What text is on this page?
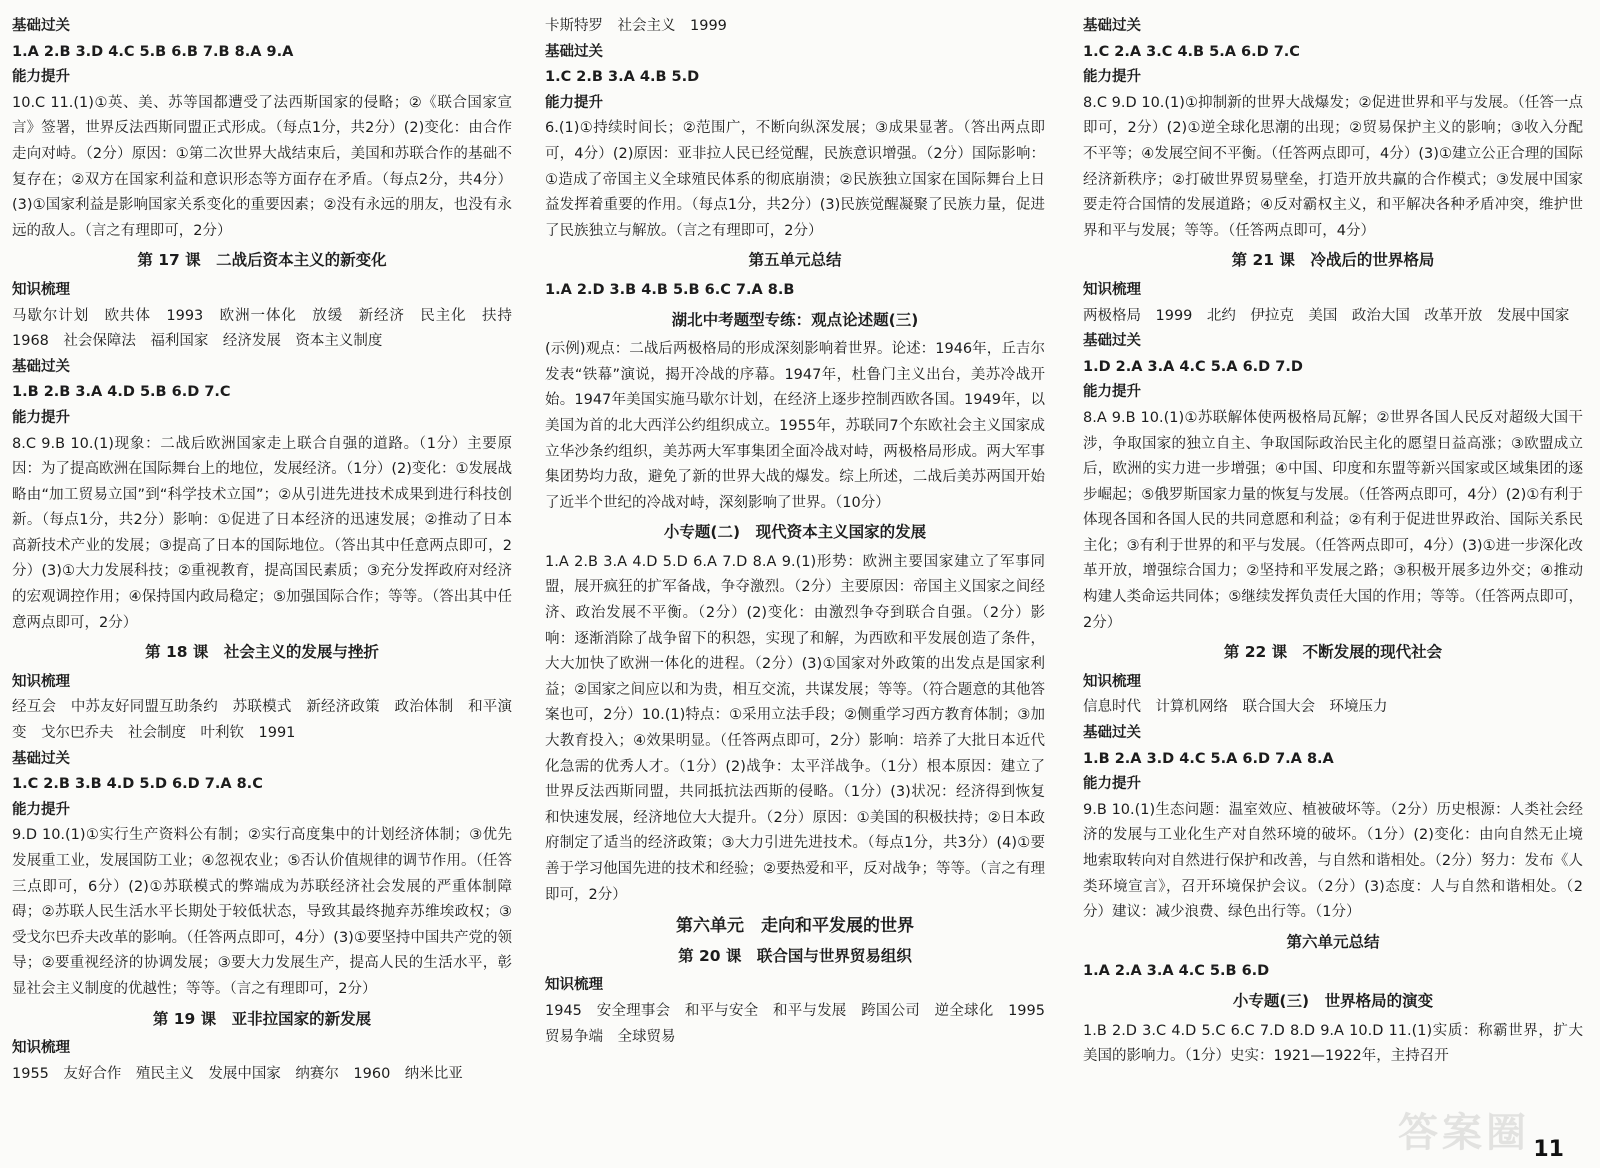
基础过关
1.A 2.B 3.D 4.C 5.B 6.B 7.B 8.A 9.A
能力提升
10.C 11.(1)①英、美、苏等国都遭受了法西斯国家的侵略；②《联合国家宣言》签署，世界反法西斯同盟正式形成。（每点1分，共2分）(2)变化：由合作走向对峙。（2分）原因：①第二次世界大战结束后，美国和苏联合作的基础不复存在；②双方在国家利益和意识形态等方面存在矛盾。（每点2分，共4分）(3)①国家利益是影响国家关系变化的重要因素；②没有永远的朋友，也没有永远的敌人。（言之有理即可，2分）
第 17 课　二战后资本主义的新变化
知识梳理
马歇尔计划　欧共体　1993　欧洲一体化　放缓　新经济　民主化　扶持　1968　社会保障法　福利国家　经济发展　资本主义制度
基础过关
1.B 2.B 3.A 4.D 5.B 6.D 7.C
能力提升
8.C 9.B 10.(1)现象：二战后欧洲国家走上联合自强的道路。（1分）主要原因：为了提高欧洲在国际舞台上的地位，发展经济。（1分）(2)变化：①发展战略由“加工贸易立国”到“科学技术立国”；②从引进先进技术成果到进行科技创新。（每点1分，共2分）影响：①促进了日本经济的迅速发展；②推动了日本高新技术产业的发展；③提高了日本的国际地位。（答出其中任意两点即可，2分）(3)①大力发展科技；②重视教育，提高国民素质；③充分发挥政府对经济的宏观调控作用；④保持国内政局稳定；⑤加强国际合作；等等。（答出其中任意两点即可，2分）
第 18 课　社会主义的发展与挫折
知识梳理
经互会　中苏友好同盟互助条约　苏联模式　新经济政策　政治体制　和平演变　戈尔巴乔夫　社会制度　叶利钦　1991
基础过关
1.C 2.B 3.B 4.D 5.D 6.D 7.A 8.C
能力提升
9.D 10.(1)①实行生产资料公有制；②实行高度集中的计划经济体制；③优先发展重工业，发展国防工业；④忽视农业；⑤否认价值规律的调节作用。（任答三点即可，6分）(2)①苏联模式的弊端成为苏联经济社会发展的严重体制障碍；②苏联人民生活水平长期处于较低状态，导致其最终抛弃苏维埃政权；③受戈尔巴乔夫改革的影响。（任答两点即可，4分）(3)①要坚持中国共产党的领导；②要重视经济的协调发展；③要大力发展生产，提高人民的生活水平，彰显社会主义制度的优越性；等等。（言之有理即可，2分）
第 19 课　亚非拉国家的新发展
知识梳理
1955　友好合作　殖民主义　发展中国家　纳赛尔　1960　纳米比亚
卡斯特罗　社会主义　1999
基础过关
1.C 2.B 3.A 4.B 5.D
能力提升
6.(1)①持续时间长；②范围广，不断向纵深发展；③成果显著。（答出两点即可，4分）(2)原因：亚非拉人民已经觉醒，民族意识增强。（2分）国际影响：①造成了帝国主义全球殖民体系的彻底崩溃；②民族独立国家在国际舞台上日益发挥着重要的作用。（每点1分，共2分）(3)民族觉醒凝聚了民族力量，促进了民族独立与解放。（言之有理即可，2分）
第五单元总结
1.A 2.D 3.B 4.B 5.B 6.C 7.A 8.B
湖北中考题型专练：观点论述题(三)
(示例)观点：二战后两极格局的形成深刻影响着世界。论述：1946年，丘吉尔发表“铁幕”演说，揭开冷战的序幕。1947年，杜鲁门主义出台，美苏冷战开始。1947年美国实施马歇尔计划，在经济上逐步控制西欧各国。1949年，以美国为首的北大西洋公约组织成立。1955年，苏联同7个东欧社会主义国家成立华沙条约组织，美苏两大军事集团全面冷战对峙，两极格局形成。两大军事集团势均力敌，避免了新的世界大战的爆发。综上所述，二战后美苏两国开始了近半个世纪的冷战对峙，深刻影响了世界。（10分）
小专题(二)　现代资本主义国家的发展
1.A 2.B 3.A 4.D 5.D 6.A 7.D 8.A 9.(1)形势：欧洲主要国家建立了军事同盟，展开疯狂的扩军备战，争夺激烈。（2分）主要原因：帝国主义国家之间经济、政治发展不平衡。（2分）(2)变化：由激烈争夺到联合自强。（2分）影响：逐渐消除了战争留下的积怨，实现了和解，为西欧和平发展创造了条件，大大加快了欧洲一体化的进程。（2分）(3)①国家对外政策的出发点是国家利益；②国家之间应以和为贵，相互交流，共谋发展；等等。（符合题意的其他答案也可，2分）10.(1)特点：①采用立法手段；②侧重学习西方教育体制；③加大教育投入；④效果明显。（任答两点即可，2分）影响：培养了大批日本近代化急需的优秀人才。（1分）(2)战争：太平洋战争。（1分）根本原因：建立了世界反法西斯同盟，共同抵抗法西斯的侵略。（1分）(3)状况：经济得到恢复和快速发展，经济地位大大提升。（2分）原因：①美国的积极扶持；②日本政府制定了适当的经济政策；③大力引进先进技术。（每点1分，共3分）(4)①要善于学习他国先进的技术和经验；②要热爱和平，反对战争；等等。（言之有理即可，2分）
第六单元　走向和平发展的世界
第 20 课　联合国与世界贸易组织
知识梳理
1945　安全理事会　和平与安全　和平与发展　跨国公司　逆全球化　1995　贸易争端　全球贸易
基础过关
1.C 2.A 3.C 4.B 5.A 6.D 7.C
能力提升
8.C 9.D 10.(1)①抑制新的世界大战爆发；②促进世界和平与发展。（任答一点即可，2分）(2)①逆全球化思潮的出现；②贸易保护主义的影响；③收入分配不平等；④发展空间不平衡。（任答两点即可，4分）(3)①建立公正合理的国际经济新秩序；②打破世界贸易壁垒，打造开放共赢的合作模式；③发展中国家要走符合国情的发展道路；④反对霸权主义，和平解决各种矛盾冲突，维护世界和平与发展；等等。（任答两点即可，4分）
第 21 课　冷战后的世界格局
知识梳理
两极格局　1999　北约　伊拉克　美国　政治大国　改革开放　发展中国家
基础过关
1.D 2.A 3.A 4.C 5.A 6.D 7.D
能力提升
8.A 9.B 10.(1)①苏联解体使两极格局瓦解；②世界各国人民反对超级大国干涉，争取国家的独立自主、争取国际政治民主化的愿望日益高涨；③欧盟成立后，欧洲的实力进一步增强；④中国、印度和东盟等新兴国家或区域集团的逐步崛起；⑤俄罗斯国家力量的恢复与发展。（任答两点即可，4分）(2)①有利于体现各国和各国人民的共同意愿和利益；②有利于促进世界政治、国际关系民主化；③有利于世界的和平与发展。（任答两点即可，4分）(3)①进一步深化改革开放，增强综合国力；②坚持和平发展之路；③积极开展多边外交；④推动构建人类命运共同体；⑤继续发挥负责任大国的作用；等等。（任答两点即可，2分）
第 22 课　不断发展的现代社会
知识梳理
信息时代　计算机网络　联合国大会　环境压力
基础过关
1.B 2.A 3.D 4.C 5.A 6.D 7.A 8.A
能力提升
9.B 10.(1)生态问题：温室效应、植被破坏等。（2分）历史根源：人类社会经济的发展与工业化生产对自然环境的破坏。（1分）(2)变化：由向自然无止境地索取转向对自然进行保护和改善，与自然和谐相处。（2分）努力：发布《人类环境宣言》，召开环境保护会议。（2分）(3)态度：人与自然和谐相处。（2分）建议：减少浪费、绿色出行等。（1分）
第六单元总结
1.A 2.A 3.A 4.C 5.B 6.D
小专题(三)　世界格局的演变
1.B 2.D 3.C 4.D 5.C 6.C 7.D 8.D 9.A 10.D 11.(1)实质：称霸世界，扩大美国的影响力。（1分）史实：1921—1922年，主持召开
答案圈 11
